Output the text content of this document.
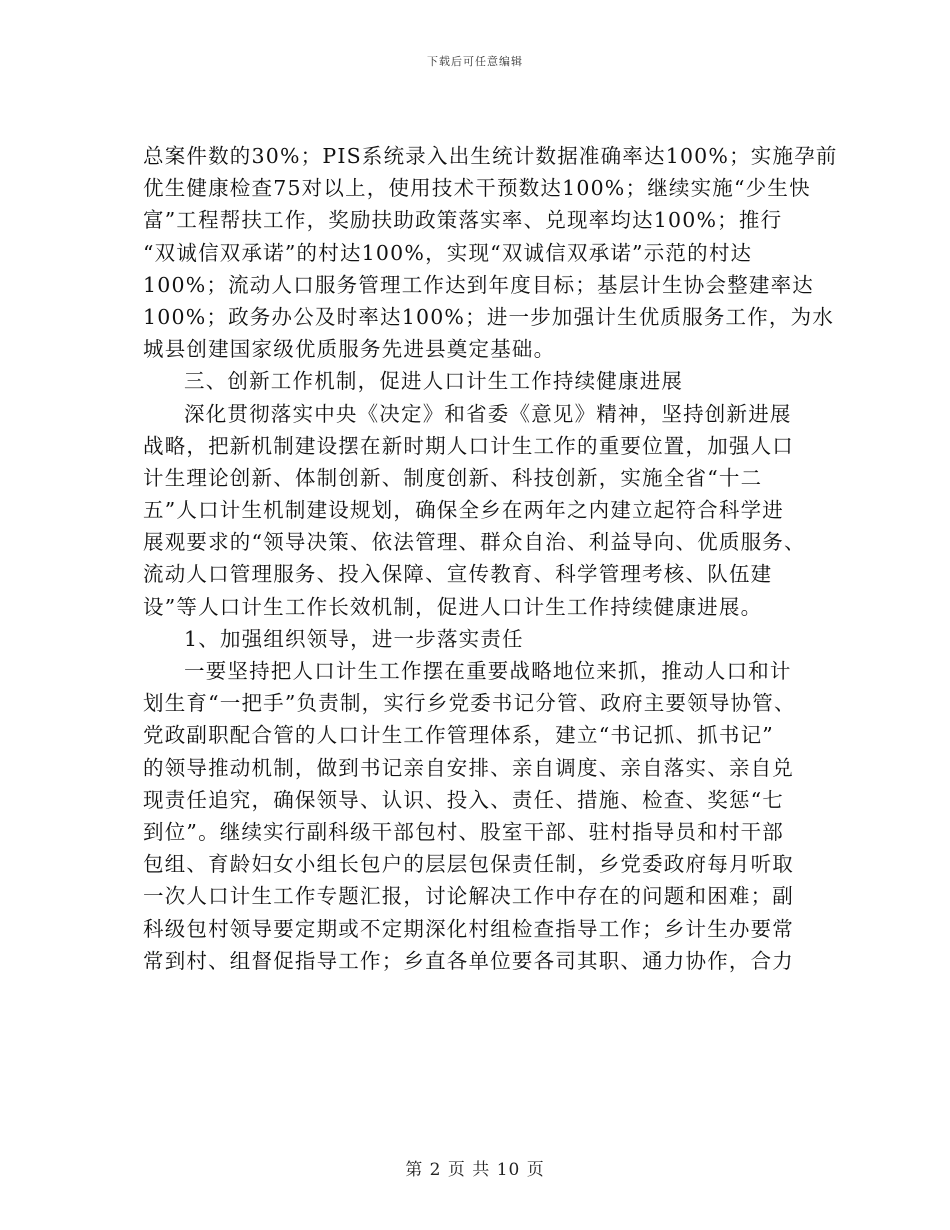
下载后可任意编辑
总案件数的30%；PIS系统录入出生统计数据准确率达100%；实施孕前
优生健康检查75对以上，使用技术干预数达100%；继续实施“少生快
富”工程帮扶工作，奖励扶助政策落实率、兑现率均达100%；推行
“双诚信双承诺”的村达100%，实现“双诚信双承诺”示范的村达
100%；流动人口服务管理工作达到年度目标；基层计生协会整建率达
100%；政务办公及时率达100%；进一步加强计生优质服务工作，为水
城县创建国家级优质服务先进县奠定基础。
三、创新工作机制，促进人口计生工作持续健康进展
深化贯彻落实中央《决定》和省委《意见》精神，坚持创新进展
战略，把新机制建设摆在新时期人口计生工作的重要位置，加强人口
计生理论创新、体制创新、制度创新、科技创新，实施全省“十二
五”人口计生机制建设规划，确保全乡在两年之内建立起符合科学进
展观要求的“领导决策、依法管理、群众自治、利益导向、优质服务、
流动人口管理服务、投入保障、宣传教育、科学管理考核、队伍建
设”等人口计生工作长效机制，促进人口计生工作持续健康进展。
1、加强组织领导，进一步落实责任
一要坚持把人口计生工作摆在重要战略地位来抓，推动人口和计
划生育“一把手”负责制，实行乡党委书记分管、政府主要领导协管、
党政副职配合管的人口计生工作管理体系，建立“书记抓、抓书记”
的领导推动机制，做到书记亲自安排、亲自调度、亲自落实、亲自兑
现责任追究，确保领导、认识、投入、责任、措施、检查、奖惩“七
到位”。继续实行副科级干部包村、股室干部、驻村指导员和村干部
包组、育龄妇女小组长包户的层层包保责任制，乡党委政府每月听取
一次人口计生工作专题汇报，讨论解决工作中存在的问题和困难；副
科级包村领导要定期或不定期深化村组检查指导工作；乡计生办要常
常到村、组督促指导工作；乡直各单位要各司其职、通力协作，合力
第 2 页 共 10 页
